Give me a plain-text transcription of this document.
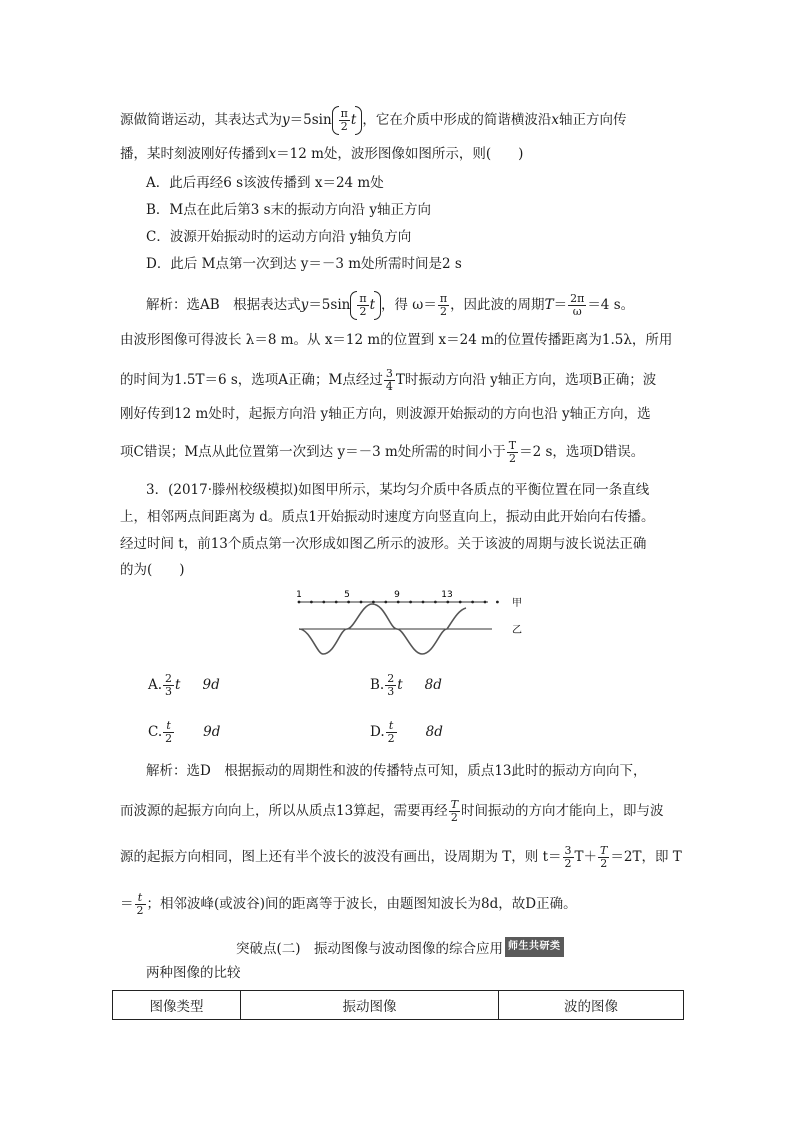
源做简谐运动，其表达式为$y=5\sin \frac{\pi}{2}$ t ，它在介质中形成的简谐横波沿x轴正方向传
播，某时刻波刚好传播到x＝12 m处，波形图像如图所示，则(　　)
A．此后再经6 s该波传播到 x＝24 m处
B．M点在此后第3 s末的振动方向沿 y轴正方向
C．波源开始振动时的运动方向沿 y轴负方向
D．此后 M点第一次到达 y＝－3 m处所需时间是2 s
解析：选AB　根据表达式$y=5\sin \frac{\pi}{2}$ t ，得 $\omega= \frac{\pi}{2}$ ，因此波的周期$T= \frac{2\pi}{\omega} =4$ s。
由波形图像可得波长 λ＝8 m。从 x＝12 m的位置到 x＝24 m的位置传播距离为1.5λ，所用
的时间为1.5T＝6 s，选项A正确；M点经过 $\frac{3}{4}$ T时振动方向沿 y轴正方向，选项B正确；波
刚好传到12 m处时，起振方向沿 y轴正方向，则波源开始振动的方向也沿 y轴正方向，选
项C错误；M点从此位置第一次到达 y＝－3 m处所需的时间小于 $\frac{T}{2} =2$ s，选项D错误。
3．(2017·滕州校级模拟)如图甲所示，某均匀介质中各质点的平衡位置在同一条直线
上，相邻两点间距离为 d。质点1开始振动时速度方向竖直向上，振动由此开始向右传播。
经过时间 t，前13个质点第一次形成如图乙所示的波形。关于该波的周期与波长说法正确
的为(　　)
1	5	9	13
甲
乙
A. $\frac{2}{3}$ t 9d	B. $\frac{2}{3}$ t 8d
C. $\frac{t}{2} 9d$	D. $\frac{t}{2} 8d$
解析：选D　根据振动的周期性和波的传播特点可知，质点13此时的振动方向向下，
而波源的起振方向向上，所以从质点13算起，需要再经 $\frac{T}{2}$ 时间振动的方向才能向上，即与波
源的起振方向相同，图上还有半个波长的波没有画出，设周期为 T，则 $t= \frac{3}{2} T+ \frac{T}{2} =2T$，即 T
＝ $\frac{t}{2}$ ；相邻波峰(或波谷)间的距离等于波长，由题图知波长为8d，故D正确。
突破点(二)　振动图像与波动图像的综合应用 师生共研类
两种图像的比较
图像类型	振动图像	波的图像
